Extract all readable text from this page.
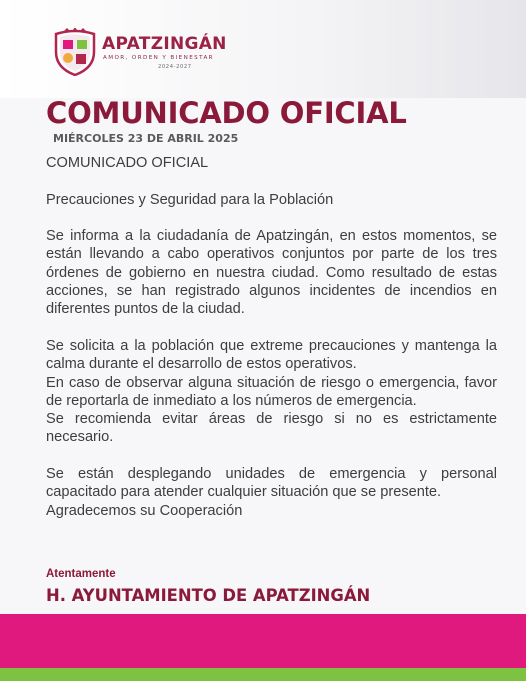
APATZINGÁN
AMOR, ORDEN Y BIENESTAR
2024-2027
COMUNICADO OFICIAL
MIÉRCOLES 23 DE ABRIL 2025

COMUNICADO OFICIAL

Precauciones y Seguridad para la Población

Se informa a la ciudadanía de Apatzingán, en estos momentos, se están llevando a cabo operativos conjuntos por parte de los tres órdenes de gobierno en nuestra ciudad. Como resultado de estas acciones, se han registrado algunos incidentes de incendios en diferentes puntos de la ciudad.

Se solicita a la población que extreme precauciones y mantenga la calma durante el desarrollo de estos operativos.
En caso de observar alguna situación de riesgo o emergencia, favor de reportarla de inmediato a los números de emergencia.
Se recomienda evitar áreas de riesgo si no es estrictamente necesario.

Se están desplegando unidades de emergencia y personal capacitado para atender cualquier situación que se presente.
Agradecemos su Cooperación

Atentamente
H. AYUNTAMIENTO DE APATZINGÁN
